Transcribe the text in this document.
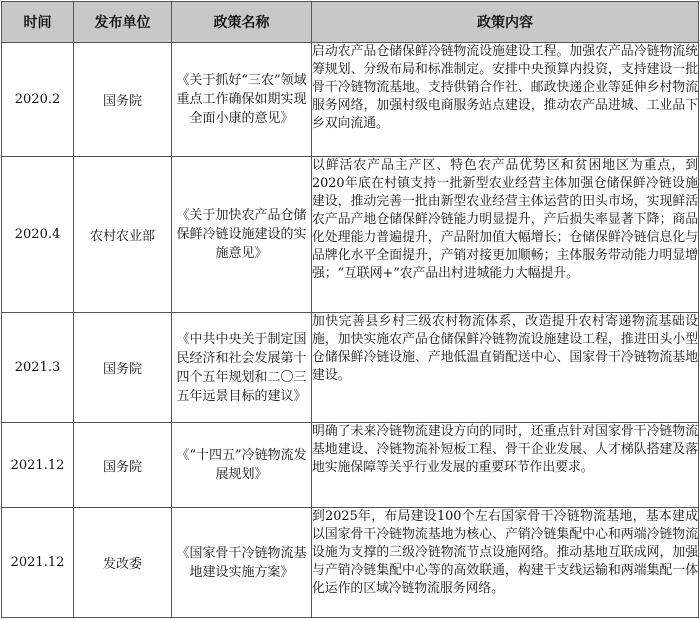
时间	发布单位	政策名称	政策内容
2020.2	国务院	《关于抓好“三农”领域重点工作确保如期实现全面小康的意见》	启动农产品仓储保鲜冷链物流设施建设工程。加强农产品冷链物流统筹规划、分级布局和标准制定。安排中央预算内投资，支持建设一批骨干冷链物流基地。支持供销合作社、邮政快递企业等延伸乡村物流服务网络，加强村级电商服务站点建设，推动农产品进城、工业品下乡双向流通。
2020.4	农村农业部	《关于加快农产品仓储保鲜冷链设施建设的实施意见》	以鲜活农产品主产区、特色农产品优势区和贫困地区为重点，到2020年底在村镇支持一批新型农业经营主体加强仓储保鲜冷链设施建设，推动完善一批由新型农业经营主体运营的田头市场，实现鲜活农产品产地仓储保鲜冷链能力明显提升，产后损失率显著下降；商品化处理能力普遍提升，产品附加值大幅增长；仓储保鲜冷链信息化与品牌化水平全面提升，产销对接更加顺畅；主体服务带动能力明显增强；“互联网+”农产品出村进城能力大幅提升。
2021.3	国务院	《中共中央关于制定国民经济和社会发展第十四个五年规划和二〇三五年远景目标的建议》	加快完善县乡村三级农村物流体系，改造提升农村寄递物流基础设施，加快实施农产品仓储保鲜冷链物流设施建设工程，推进田头小型仓储保鲜冷链设施、产地低温直销配送中心、国家骨干冷链物流基地建设。
2021.12	国务院	《“十四五”冷链物流发展规划》	明确了未来冷链物流建设方向的同时，还重点针对国家骨干冷链物流基地建设、冷链物流补短板工程、骨干企业发展、人才梯队搭建及落地实施保障等关乎行业发展的重要环节作出要求。
2021.12	发改委	《国家骨干冷链物流基地建设实施方案》	到2025年，布局建设100个左右国家骨干冷链物流基地，基本建成以国家骨干冷链物流基地为核心、产销冷链集配中心和两端冷链物流设施为支撑的三级冷链物流节点设施网络。推动基地互联成网，加强与产销冷链集配中心等的高效联通，构建干支线运输和两端集配一体化运作的区域冷链物流服务网络。
